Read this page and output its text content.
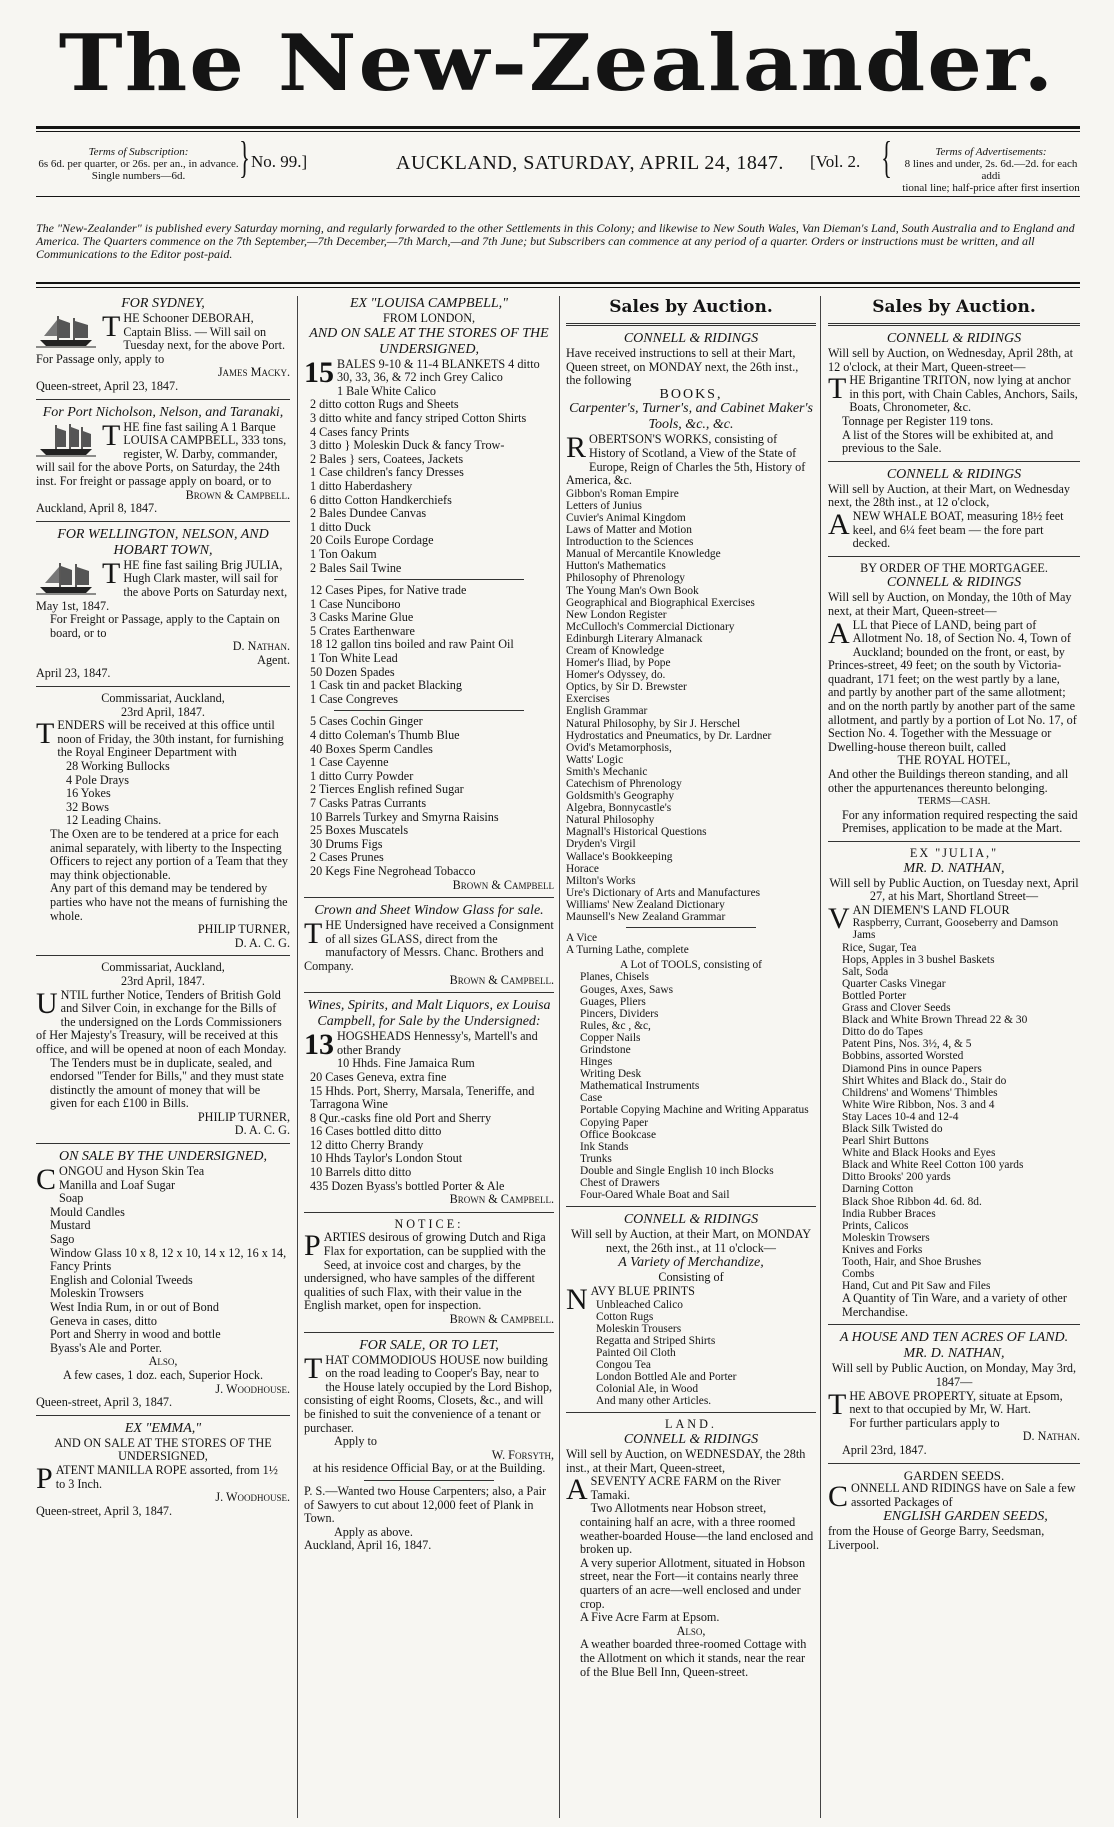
The New-Zealander.
Terms of Subscription:
6s 6d. per quarter, or 26s. per an., in advance.
Single numbers—6d.	} No. 99.]	AUCKLAND, SATURDAY, APRIL 24, 1847. [Vol. 2. {	Terms of Advertisements:
8 lines and under, 2s. 6d.—2d. for each addi
tional line; half-price after first insertion
The "New-Zealander" is published every Saturday morning, and regularly forwarded to the other Settlements in this Colony; and likewise to New South Wales, Van Dieman's Land, South Australia and to England and America. The Quarters commence on the 7th September,—7th December,—7th March,—and 7th June; but Subscribers can commence at any period of a quarter. Orders or instructions must be written, and all Communications to the Editor post-paid.
FOR SYDNEY,
T HE Schooner DEBORAH, Captain Bliss. — Will sail on Tuesday next, for the above Port. For Passage only, apply to
James Macky.
Queen-street, April 23, 1847.
For Port Nicholson, Nelson, and Taranaki,
T HE fine fast sailing A 1 Barque LOUISA CAMPBELL, 333 tons, register, W. Darby, commander, will sail for the above Ports, on Saturday, the 24th inst. For freight or passage apply on board, or to
Brown & Campbell.
Auckland, April 8, 1847.
FOR WELLINGTON, NELSON, AND HOBART TOWN,
T HE fine fast sailing Brig JULIA, Hugh Clark master, will sail for the above Ports on Saturday next, May 1st, 1847.
For Freight or Passage, apply to the Captain on board, or to
D. Nathan.
Agent.
April 23, 1847.
Commissariat, Auckland,
23rd April, 1847.
TENDERS will be received at this office until noon of Friday, the 30th instant, for furnishing the Royal Engineer Department with
28 Working Bullocks
4 Pole Drays
16 Yokes
32 Bows
12 Leading Chains.
The Oxen are to be tendered at a price for each animal separately, with liberty to the Inspecting Officers to reject any portion of a Team that they may think objectionable.
Any part of this demand may be tendered by parties who have not the means of furnishing the whole.
PHILIP TURNER,
D. A. C. G.
Commissariat, Auckland,
23rd April, 1847.
UNTIL further Notice, Tenders of British Gold and Silver Coin, in exchange for the Bills of the undersigned on the Lords Commissioners of Her Majesty's Treasury, will be received at this office, and will be opened at noon of each Monday.
The Tenders must be in duplicate, sealed, and endorsed "Tender for Bills," and they must state distinctly the amount of money that will be given for each £100 in Bills.
PHILIP TURNER,
D. A. C. G.
ON SALE BY THE UNDERSIGNED,
CONGOU and Hyson Skin Tea
Manilla and Loaf Sugar
Soap
Mould Candles
Mustard
Sago
Window Glass 10 x 8, 12 x 10, 14 x 12, 16 x 14,
Fancy Prints
English and Colonial Tweeds
Moleskin Trowsers
West India Rum, in or out of Bond
Geneva in cases, ditto
Port and Sherry in wood and bottle
Byass's Ale and Porter.
Also,
A few cases, 1 doz. each, Superior Hock.
J. Woodhouse.
Queen-street, April 3, 1847.
EX "EMMA,"
AND ON SALE AT THE STORES OF THE UNDERSIGNED,
PATENT MANILLA ROPE assorted, from 1½ to 3 Inch.
J. Woodhouse.
Queen-street, April 3, 1847.
EX "LOUISA CAMPBELL,"
FROM LONDON,
AND ON SALE AT THE STORES OF THE UNDERSIGNED,
15 BALES 9-10 & 11-4 BLANKETS 4 ditto 30, 33, 36, & 72 inch Grey Calico
1 Bale White Calico
2 ditto cotton Rugs and Sheets
3 ditto white and fancy striped Cotton Shirts
4 Cases fancy Prints
3 ditto } Moleskin Duck & fancy Trow-
2 Bales } sers, Coatees, Jackets
1 Case children's fancy Dresses
1 ditto Haberdashery
6 ditto Cotton Handkerchiefs
2 Bales Dundee Canvas
1 ditto Duck
20 Coils Europe Cordage
1 Ton Oakum
2 Bales Sail Twine
12 Cases Pipes, for Native trade
1 Case Nunciboно
3 Casks Marine Glue
5 Crates Earthenware
18 12 gallon tins boiled and raw Paint Oil
1 Ton White Lead
50 Dozen Spades
1 Cask tin and packet Blacking
1 Case Congreves
5 Cases Cochin Ginger
4 ditto Coleman's Thumb Blue
40 Boxes Sperm Candles
1 Case Cayenne
1 ditto Curry Powder
2 Tierces English refined Sugar
7 Casks Patras Currants
10 Barrels Turkey and Smyrna Raisins
25 Boxes Muscatels
30 Drums Figs
2 Cases Prunes
20 Kegs Fine Negrohead Tobacco
Brown & Campbell
Crown and Sheet Window Glass for sale.
THE Undersigned have received a Consignment of all sizes GLASS, direct from the manufactory of Messrs. Chanc. Brothers and Company.
Brown & Campbell.
Wines, Spirits, and Malt Liquors, ex Louisa Campbell, for Sale by the Undersigned:
13 HOGSHEADS Hennessy's, Martell's and other Brandy
10 Hhds. Fine Jamaica Rum
20 Cases Geneva, extra fine
15 Hhds. Port, Sherry, Marsala, Teneriffe, and Tarragona Wine
8 Qur.-casks fine old Port and Sherry
16 Cases bottled ditto ditto
12 ditto Cherry Brandy
10 Hhds Taylor's London Stout
10 Barrels ditto ditto
435 Dozen Byass's bottled Porter & Ale
Brown & Campbell.
NOTICE:
PARTIES desirous of growing Dutch and Riga Flax for exportation, can be supplied with the Seed, at invoice cost and charges, by the undersigned, who have samples of the different qualities of such Flax, with their value in the English market, open for inspection.
Brown & Campbell.
FOR SALE, OR TO LET,
THAT COMMODIOUS HOUSE now building on the road leading to Cooper's Bay, near to the House lately occupied by the Lord Bishop, consisting of eight Rooms, Closets, &c., and will be finished to suit the convenience of a tenant or purchaser.
Apply to
W. Forsyth,
at his residence Official Bay, or at the Building.
P. S.—Wanted two House Carpenters; also, a Pair of Sawyers to cut about 12,000 feet of Plank in Town.
Apply as above.
Auckland, April 16, 1847.
Sales by Auction.
CONNELL & RIDINGS
Have received instructions to sell at their Mart, Queen street, on MONDAY next, the 26th inst., the following
BOOKS,
Carpenter's, Turner's, and Cabinet Maker's Tools, &c., &c.
ROBERTSON'S WORKS, consisting of History of Scotland, a View of the State of Europe, Reign of Charles the 5th, History of America, &c.
Gibbon's Roman Empire
Letters of Junius
Cuvier's Animal Kingdom
Laws of Matter and Motion
Introduction to the Sciences
Manual of Mercantile Knowledge
Hutton's Mathematics
Philosophy of Phrenology
The Young Man's Own Book
Geographical and Biographical Exercises
New London Register
McCulloch's Commercial Dictionary
Edinburgh Literary Almanack
Cream of Knowledge
Homer's Iliad, by Pope
Homer's Odyssey, do.
Optics, by Sir D. Brewster
Exercises
English Grammar
Natural Philosophy, by Sir J. Herschel
Hydrostatics and Pneumatics, by Dr. Lardner
Ovid's Metamorphosis,
Watts' Logic
Smith's Mechanic
Catechism of Phrenology
Goldsmith's Geography
Algebra, Bonnycastle's
Natural Philosophy
Magnall's Historical Questions
Dryden's Virgil
Wallace's Bookkeeping
Horace
Milton's Works
Ure's Dictionary of Arts and Manufactures
Williams' New Zealand Dictionary
Maunsell's New Zealand Grammar
A Vice
A Turning Lathe, complete
A Lot of TOOLS, consisting of
Planes, Chisels
Gouges, Axes, Saws
Guages, Pliers
Pincers, Dividers
Rules, &c , &c,
Copper Nails
Grindstone
Hinges
Writing Desk
Mathematical Instruments
Case
Portable Copying Machine and Writing Apparatus
Copying Paper
Office Bookcase
Ink Stands
Trunks
Double and Single English 10 inch Blocks
Chest of Drawers
Four-Oared Whale Boat and Sail
CONNELL & RIDINGS
Will sell by Auction, at their Mart, on MONDAY next, the 26th inst., at 11 o'clock—
A Variety of Merchandize,
Consisting of
NAVY BLUE PRINTS
Unbleached Calico
Cotton Rugs
Moleskin Trousers
Regatta and Striped Shirts
Painted Oil Cloth
Congou Tea
London Bottled Ale and Porter
Colonial Ale, in Wood
And many other Articles.
LAND.
CONNELL & RIDINGS
Will sell by Auction, on WEDNESDAY, the 28th inst., at their Mart, Queen-street,
ASEVENTY ACRE FARM on the River Tamaki.
Two Allotments near Hobson street, containing half an acre, with a three roomed weather-boarded House—the land enclosed and broken up.
A very superior Allotment, situated in Hobson street, near the Fort—it contains nearly three quarters of an acre—well enclosed and under crop.
A Five Acre Farm at Epsom.
Also,
A weather boarded three-roomed Cottage with the Allotment on which it stands, near the rear of the Blue Bell Inn, Queen-street.
Sales by Auction.
CONNELL & RIDINGS
Will sell by Auction, on Wednesday, April 28th, at 12 o'clock, at their Mart, Queen-street—
THE Brigantine TRITON, now lying at anchor in this port, with Chain Cables, Anchors, Sails, Boats, Chronometer, &c.
Tonnage per Register 119 tons.
A list of the Stores will be exhibited at, and previous to the Sale.
CONNELL & RIDINGS
Will sell by Auction, at their Mart, on Wednesday next, the 28th inst., at 12 o'clock,
ANEW WHALE BOAT, measuring 18½ feet keel, and 6¼ feet beam — the fore part decked.
BY ORDER OF THE MORTGAGEE.
CONNELL & RIDINGS
Will sell by Auction, on Monday, the 10th of May next, at their Mart, Queen-street—
ALL that Piece of LAND, being part of Allotment No. 18, of Section No. 4, Town of Auckland; bounded on the front, or east, by Princes-street, 49 feet; on the south by Victoria-quadrant, 171 feet; on the west partly by a lane, and partly by another part of the same allotment; and on the north partly by another part of the same allotment, and partly by a portion of Lot No. 17, of Section No. 4. Together with the Messuage or Dwelling-house thereon built, called
THE ROYAL HOTEL,
And other the Buildings thereon standing, and all other the appurtenances thereunto belonging.
TERMS—CASH.
For any information required respecting the said Premises, application to be made at the Mart.
EX "JULIA,"
MR. D. NATHAN,
Will sell by Public Auction, on Tuesday next, April 27, at his Mart, Shortland Street—
VAN DIEMEN'S LAND FLOUR
Raspberry, Currant, Gooseberry and Damson Jams
Rice, Sugar, Tea
Hops, Apples in 3 bushel Baskets
Salt, Soda
Quarter Casks Vinegar
Bottled Porter
Grass and Clover Seeds
Black and White Brown Thread 22 & 30
Ditto do do Tapes
Patent Pins, Nos. 3½, 4, & 5
Bobbins, assorted Worsted
Diamond Pins in ounce Papers
Shirt Whites and Black do., Stair do
Childrens' and Womens' Thimbles
White Wire Ribbon, Nos. 3 and 4
Stay Laces 10-4 and 12-4
Black Silk Twisted do
Pearl Shirt Buttons
White and Black Hooks and Eyes
Black and White Reel Cotton 100 yards
Ditto Brooks' 200 yards
Darning Cotton
Black Shoe Ribbon 4d. 6d. 8d.
India Rubber Braces
Prints, Calicos
Moleskin Trowsers
Knives and Forks
Tooth, Hair, and Shoe Brushes
Combs
Hand, Cut and Pit Saw and Files
A Quantity of Tin Ware, and a variety of other Merchandise.
A HOUSE AND TEN ACRES OF LAND.
MR. D. NATHAN,
Will sell by Public Auction, on Monday, May 3rd, 1847—
THE ABOVE PROPERTY, situate at Epsom, next to that occupied by Mr, W. Hart.
For further particulars apply to
D. Nathan.
April 23rd, 1847.
GARDEN SEEDS.
CONNELL AND RIDINGS have on Sale a few assorted Packages of
ENGLISH GARDEN SEEDS,
from the House of George Barry, Seedsman, Liverpool.
